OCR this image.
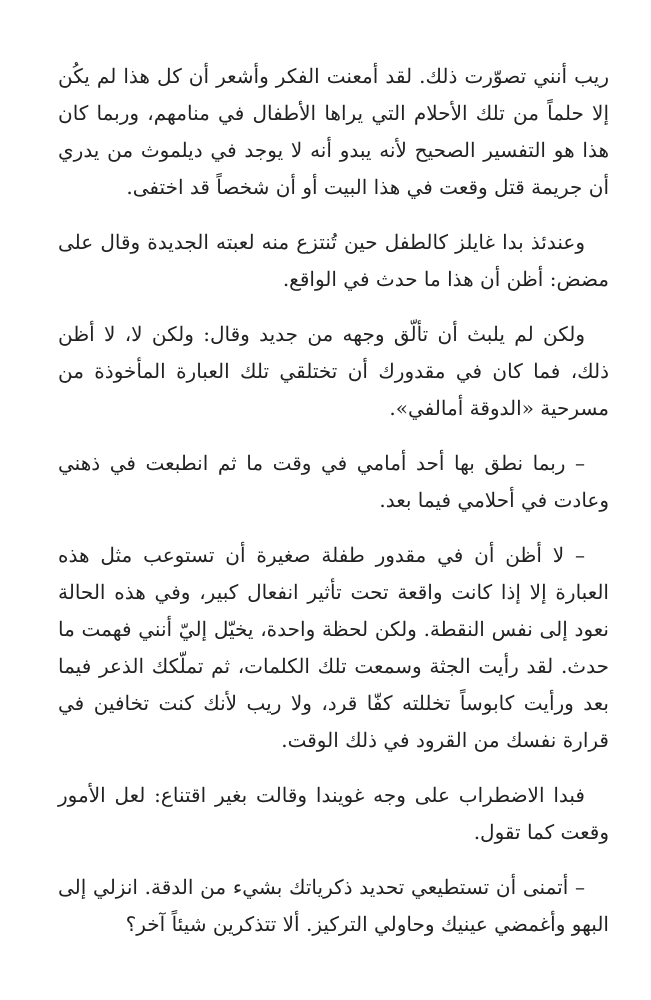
ريب أنني تصوّرت ذلك. لقد أمعنت الفكر وأشعر أن كل هذا لم يكُن إلا حلماً من تلك الأحلام التي يراها الأطفال في منامهم، وربما كان هذا هو التفسير الصحيح لأنه يبدو أنه لا يوجد في ديلموث من يدري أن جريمة قتل وقعت في هذا البيت أو أن شخصاً قد اختفى.

وعندئذ بدا غايلز كالطفل حين تُنتزع منه لعبته الجديدة وقال على مضض: أظن أن هذا ما حدث في الواقع.

ولكن لم يلبث أن تألّق وجهه من جديد وقال: ولكن لا، لا أظن ذلك، فما كان في مقدورك أن تختلقي تلك العبارة المأخوذة من مسرحية «الدوقة أمالفي».

– ربما نطق بها أحد أمامي في وقت ما ثم انطبعت في ذهني وعادت في أحلامي فيما بعد.

– لا أظن أن في مقدور طفلة صغيرة أن تستوعب مثل هذه العبارة إلا إذا كانت واقعة تحت تأثير انفعال كبير، وفي هذه الحالة نعود إلى نفس النقطة. ولكن لحظة واحدة، يخيّل إليّ أنني فهمت ما حدث. لقد رأيت الجثة وسمعت تلك الكلمات، ثم تملّكك الذعر فيما بعد ورأيت كابوساً تخللته كفّا قرد، ولا ريب لأنك كنت تخافين في قرارة نفسك من القرود في ذلك الوقت.

فبدا الاضطراب على وجه غويندا وقالت بغير اقتناع: لعل الأمور وقعت كما تقول.

– أتمنى أن تستطيعي تحديد ذكرياتك بشيء من الدقة. انزلي إلى البهو وأغمضي عينيك وحاولي التركيز. ألا تتذكرين شيئاً آخر؟
